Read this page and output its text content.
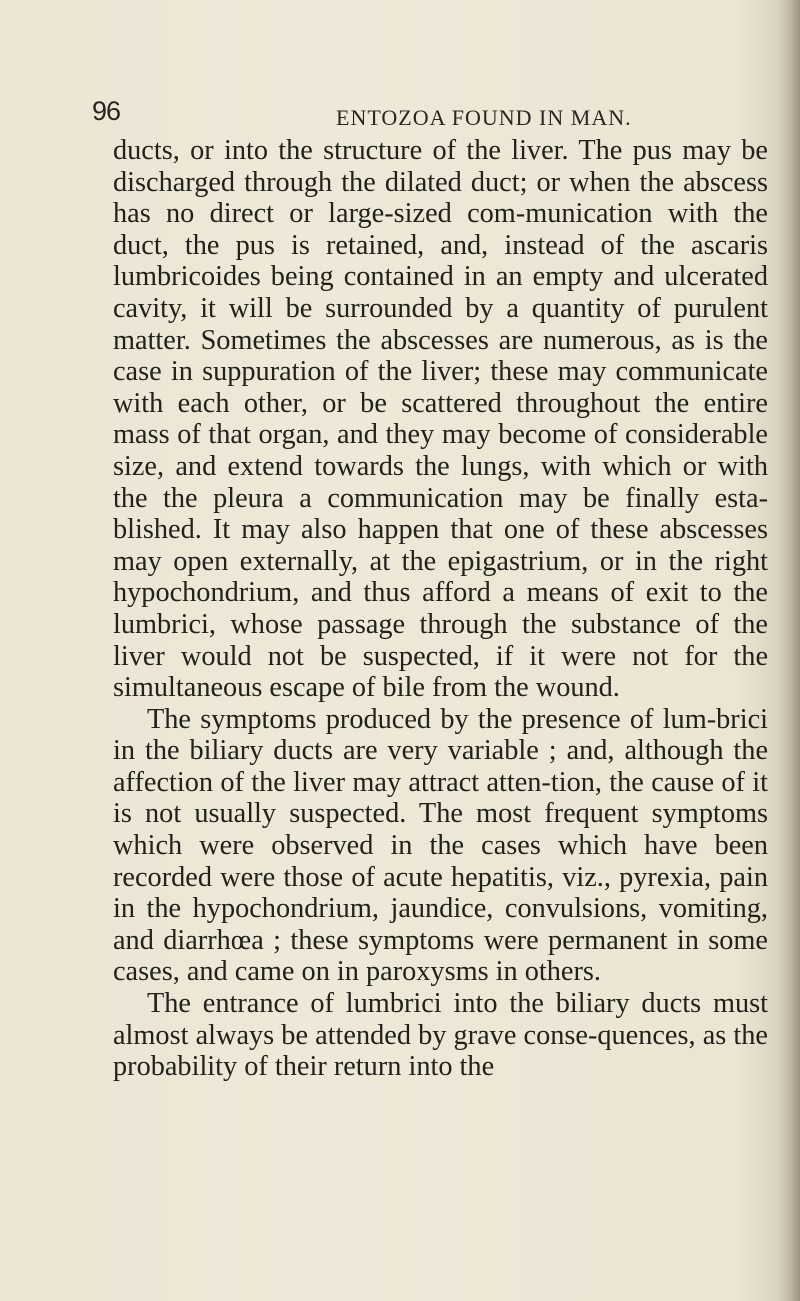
96	ENTOZOA FOUND IN MAN.

ducts, or into the structure of the liver. The pus may be discharged through the dilated duct; or when the abscess has no direct or large-sized com-munication with the duct, the pus is retained, and, instead of the ascaris lumbricoides being contained in an empty and ulcerated cavity, it will be surrounded by a quantity of purulent matter. Sometimes the abscesses are numerous, as is the case in suppuration of the liver; these may communicate with each other, or be scattered throughout the entire mass of that organ, and they may become of considerable size, and extend towards the lungs, with which or with the the pleura a communication may be finally esta-blished. It may also happen that one of these abscesses may open externally, at the epigastrium, or in the right hypochondrium, and thus afford a means of exit to the lumbrici, whose passage through the substance of the liver would not be suspected, if it were not for the simultaneous escape of bile from the wound.

The symptoms produced by the presence of lum-brici in the biliary ducts are very variable ; and, although the affection of the liver may attract atten-tion, the cause of it is not usually suspected. The most frequent symptoms which were observed in the cases which have been recorded were those of acute hepatitis, viz., pyrexia, pain in the hypochondrium, jaundice, convulsions, vomiting, and diarrhœa ; these symptoms were permanent in some cases, and came on in paroxysms in others.

The entrance of lumbrici into the biliary ducts must almost always be attended by grave conse-quences, as the probability of their return into the
